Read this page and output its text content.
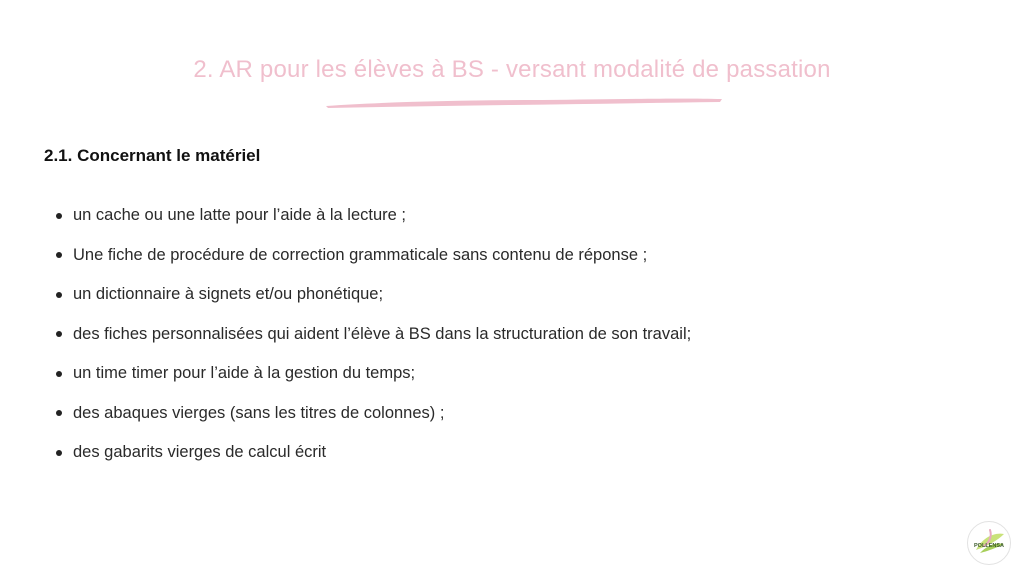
2. AR pour les élèves à BS - versant modalité de passation
2.1. Concernant le matériel
un cache ou une latte pour l’aide à la lecture ;
Une fiche de procédure de correction grammaticale sans contenu de réponse ;
un dictionnaire à signets et/ou phonétique;
des fiches personnalisées qui aident l’élève à BS dans la structuration de son travail;
un time timer pour l’aide à la gestion du temps;
des abaques vierges (sans les titres de colonnes) ;
des gabarits vierges de calcul écrit
POLLENSA
